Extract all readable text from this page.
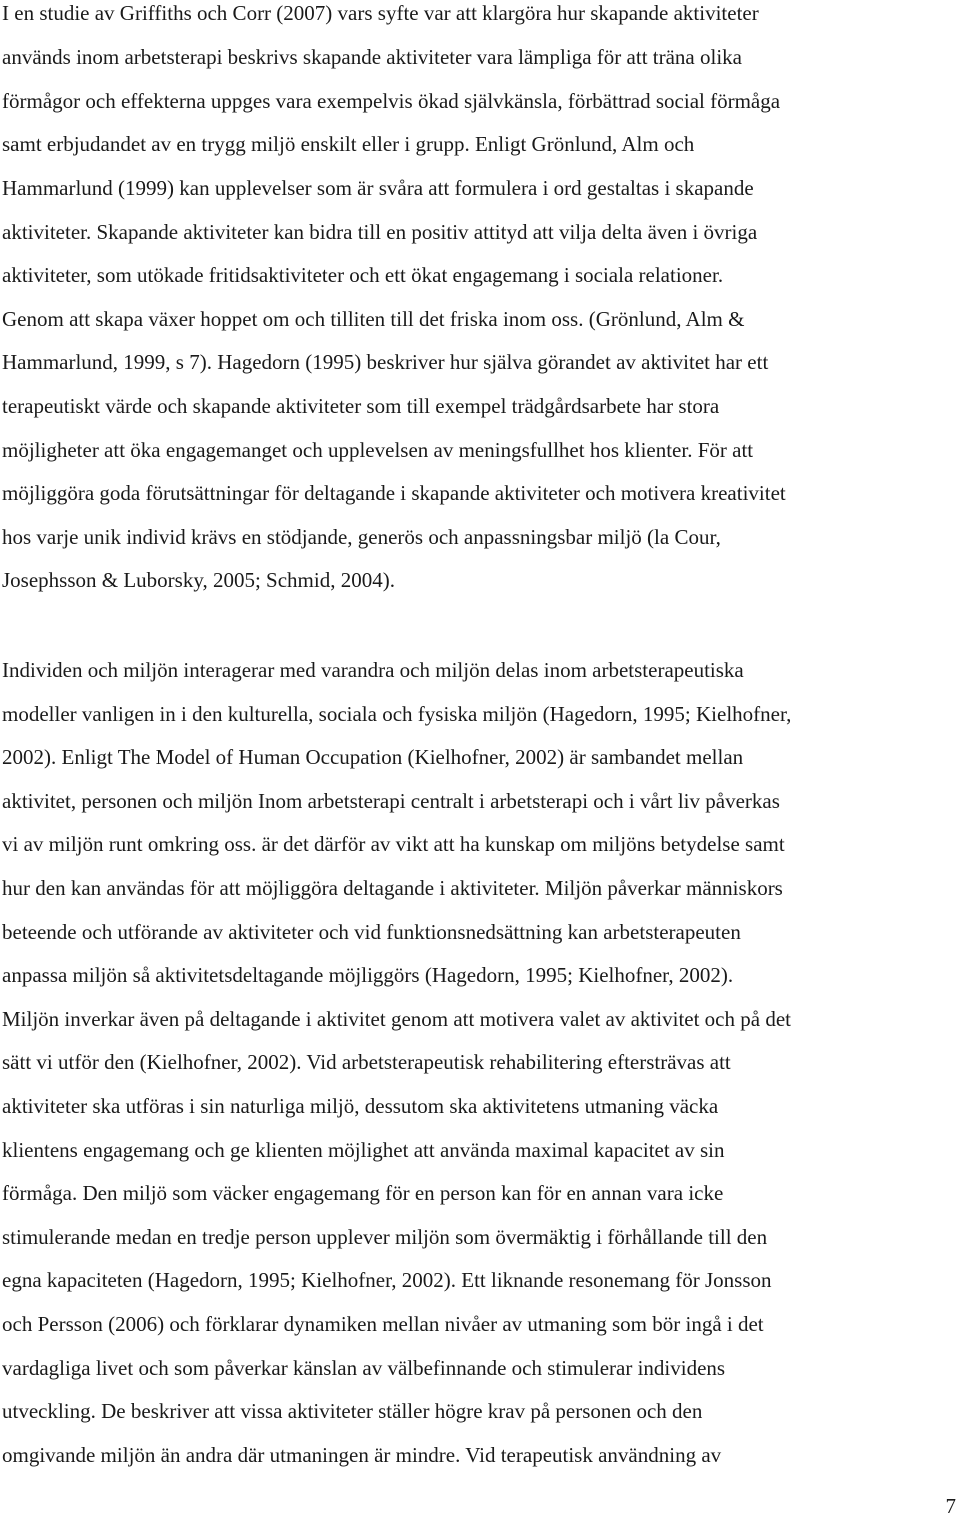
I en studie av Griffiths och Corr (2007) vars syfte var att klargöra hur skapande aktiviteter
används inom arbetsterapi beskrivs skapande aktiviteter vara lämpliga för att träna olika
förmågor och effekterna uppges vara exempelvis ökad självkänsla, förbättrad social förmåga
samt erbjudandet av en trygg miljö enskilt eller i grupp. Enligt Grönlund, Alm och
Hammarlund (1999) kan upplevelser som är svåra att formulera i ord gestaltas i skapande
aktiviteter. Skapande aktiviteter kan bidra till en positiv attityd att vilja delta även i övriga
aktiviteter, som utökade fritidsaktiviteter och ett ökat engagemang i sociala relationer.
Genom att skapa växer hoppet om och tilliten till det friska inom oss. (Grönlund, Alm &
Hammarlund, 1999, s 7). Hagedorn (1995) beskriver hur själva görandet av aktivitet har ett
terapeutiskt värde och skapande aktiviteter som till exempel trädgårdsarbete har stora
möjligheter att öka engagemanget och upplevelsen av meningsfullhet hos klienter. För att
möjliggöra goda förutsättningar för deltagande i skapande aktiviteter och motivera kreativitet
hos varje unik individ krävs en stödjande, generös och anpassningsbar miljö (la Cour,
Josephsson & Luborsky, 2005; Schmid, 2004).
Individen och miljön interagerar med varandra och miljön delas inom arbetsterapeutiska
modeller vanligen in i den kulturella, sociala och fysiska miljön (Hagedorn, 1995; Kielhofner,
2002). Enligt The Model of Human Occupation (Kielhofner, 2002) är sambandet mellan
aktivitet, personen och miljön Inom arbetsterapi centralt i arbetsterapi och i vårt liv påverkas
vi av miljön runt omkring oss. är det därför av vikt att ha kunskap om miljöns betydelse samt
hur den kan användas för att möjliggöra deltagande i aktiviteter. Miljön påverkar människors
beteende och utförande av aktiviteter och vid funktionsnedsättning kan arbetsterapeuten
anpassa miljön så aktivitetsdeltagande möjliggörs (Hagedorn, 1995; Kielhofner, 2002).
Miljön inverkar även på deltagande i aktivitet genom att motivera valet av aktivitet och på det
sätt vi utför den (Kielhofner, 2002). Vid arbetsterapeutisk rehabilitering eftersträvas att
aktiviteter ska utföras i sin naturliga miljö, dessutom ska aktivitetens utmaning väcka
klientens engagemang och ge klienten möjlighet att använda maximal kapacitet av sin
förmåga. Den miljö som väcker engagemang för en person kan för en annan vara icke
stimulerande medan en tredje person upplever miljön som övermäktig i förhållande till den
egna kapaciteten (Hagedorn, 1995; Kielhofner, 2002). Ett liknande resonemang för Jonsson
och Persson (2006) och förklarar dynamiken mellan nivåer av utmaning som bör ingå i det
vardagliga livet och som påverkar känslan av välbefinnande och stimulerar individens
utveckling. De beskriver att vissa aktiviteter ställer högre krav på personen och den
omgivande miljön än andra där utmaningen är mindre. Vid terapeutisk användning av
7
